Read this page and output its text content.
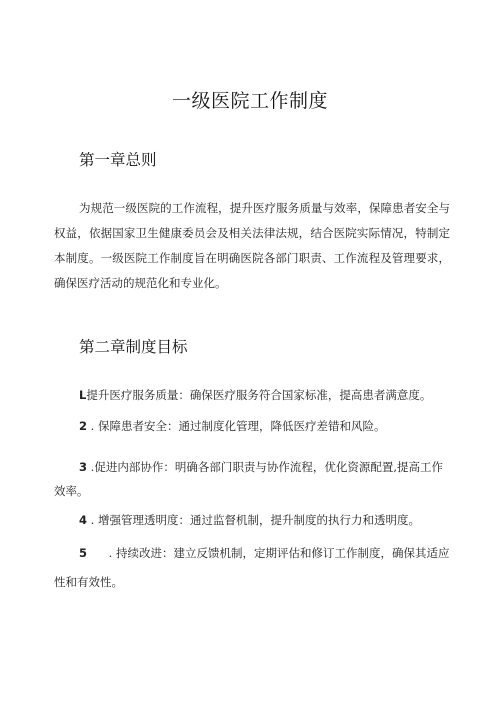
一级医院工作制度
第一章总则
为规范一级医院的工作流程，提升医疗服务质量与效率，保障患者安全与权益，依据国家卫生健康委员会及相关法律法规，结合医院实际情况，特制定本制度。一级医院工作制度旨在明确医院各部门职责、工作流程及管理要求，确保医疗活动的规范化和专业化。
第二章制度目标
L提升医疗服务质量：确保医疗服务符合国家标准，提高患者满意度。
2 . 保障患者安全：通过制度化管理，降低医疗差错和风险。
3 .促进内部协作：明确各部门职责与协作流程，优化资源配置,提高工作效率。
4 . 增强管理透明度：通过监督机制，提升制度的执行力和透明度。
5 . 持续改进：建立反馈机制，定期评估和修订工作制度，确保其适应性和有效性。
